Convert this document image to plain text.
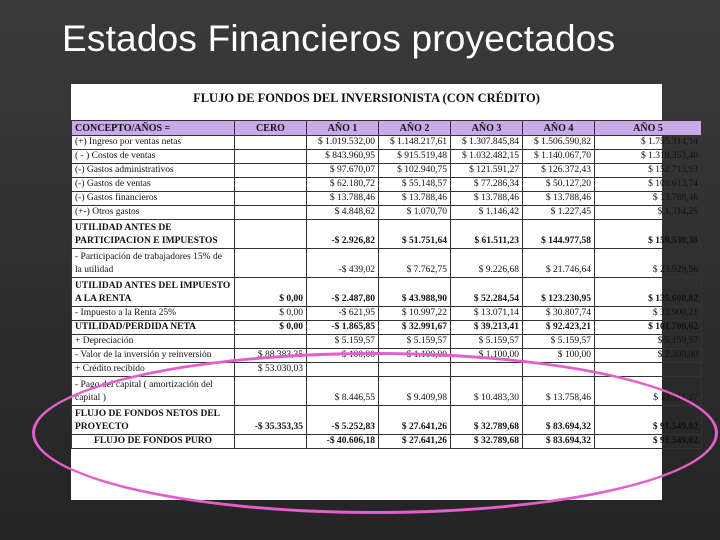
Estados Financieros proyectados
FLUJO DE FONDOS DEL INVERSIONISTA (CON CRÉDITO)
CONCEPTO/AÑOS =	CERO	AÑO 1	AÑO 2	AÑO 3	AÑO 4	AÑO 5
(+) Ingreso por ventas netas		$ 1.019.532,00	$ 1.148.217,61	$ 1.307.845,84	$ 1.506.590,82	$ 1.755.314,14
( - ) Costos de ventas		$ 843.960,95	$ 915.519,48	$ 1.032.482,15	$ 1.140.067,70	$ 1.319.353,40
(-) Gastos administrativos		$ 97.670,07	$ 102.940,75	$ 121.591,27	$ 126.372,43	$ 152.713,93
(-) Gastos de ventas		$ 62.180,72	$ 55.148,57	$ 77.286,34	$ 50.127,20	$ 108.613,74
(-) Gastos financieros		$ 13.788,46	$ 13.788,46	$ 13.788,46	$ 13.788,46	$ 13.788,46
(+-) Otros gastos		$ 4.848,62	$ 1.070,70	$ 1.146,42	$ 1.227,45	$ 1.314,25
UTILIDAD ANTES DE PARTICIPACION E IMPUESTOS		-$ 2.926,82	$ 51.751,64	$ 61.511,23	$ 144.977,58	$ 159,530,38
- Participación de trabajadores 15% de la utilidad		-$ 439,02	$ 7.762,75	$ 9.226,68	$ 21.746,64	$ 23.929,56
UTILIDAD ANTES DEL IMPUESTO A LA RENTA	$ 0,00	-$ 2.487,80	$ 43.988,90	$ 52.284,54	$ 123.230,95	$ 135.600,82
- Impuesto a la Renta 25%	$ 0,00	-$ 621,95	$ 10.997,22	$ 13.071,14	$ 30.807,74	$ 33.900,21
UTILIDAD/PERDIDA NETA	$ 0,00	-$ 1.865,85	$ 32.991,67	$ 39.213,41	$ 92.423,21	$ 101.700,62
+ Depreciación		$ 5.159,57	$ 5.159,57	$ 5.159,57	$ 5.159,57	$ 5.159,57
- Valor de la inversión y reinversión	$ 88.383,35	$ 100,00	$ 1.100,00	$ 1.100,00	$ 100,00	$ 2.300,00
+ Crédito recibido	$ 53.030,03					
- Pago del capital ( amortización del capital )		$ 8.446,55	$ 9.409,98	$ 10.483,30	$ 13.758,46	$ 13.011,17
FLUJO DE FONDOS NETOS DEL PROYECTO	-$ 35.353,35	-$ 5.252,83	$ 27.641,26	$ 32.789,68	$ 83.694,32	$ 91.549,02
FLUJO DE FONDOS PURO		-$ 40.606,18	$ 27.641,26	$ 32.789,68	$ 83.694,32	$ 91.549,02
